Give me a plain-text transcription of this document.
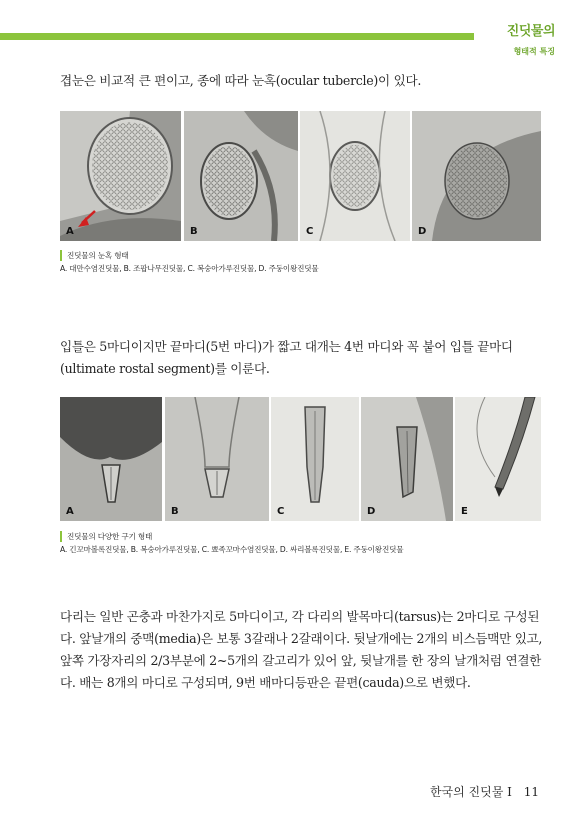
진딧물의
형태적 특징
겹눈은 비교적 큰 편이고, 종에 따라 눈혹(ocular tubercle)이 있다.
A	B	C	D
진딧물의 눈혹 형태
A. 대만수염진딧물, B. 조팝나무진딧물, C. 복숭아가루진딧물, D. 주둥이왕진딧물
입틀은 5마디이지만 끝마디(5번 마디)가 짧고 대개는 4번 마디와 꼭 붙어 입틀 끝마디(ultimate rostal segment)를 이룬다.
A	B	C	D	E
진딧물의 다양한 구기 형태
A. 긴꼬마볼록진딧물, B. 복숭아가루진딧물, C. 뾰족꼬마수염진딧물, D. 싸리볼록진딧물, E. 주둥이왕진딧물
다리는 일반 곤충과 마찬가지로 5마디이고, 각 다리의 발목마디(tarsus)는 2마디로 구성된다. 앞날개의 중맥(media)은 보통 3갈래나 2갈래이다. 뒷날개에는 2개의 비스듬맥만 있고, 앞쪽 가장자리의 2/3부분에 2~5개의 갈고리가 있어 앞, 뒷날개를 한 장의 날개처럼 연결한다. 배는 8개의 마디로 구성되며, 9번 배마디등판은 끝편(cauda)으로 변했다.
한국의 진딧물 I 11
